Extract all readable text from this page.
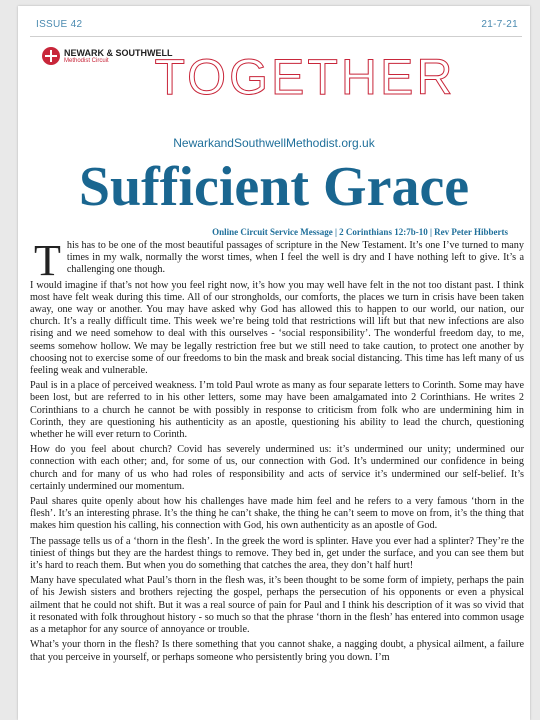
ISSUE 42	21-7-21
NEWARK & SOUTHWELL
Methodist Circuit TOGETHER
NewarkandSouthwellMethodist.org.uk
Sufficient Grace
Online Circuit Service Message | 2 Corinthians 12:7b-10 | Rev Peter Hibberts

This has to be one of the most beautiful passages of scripture in the New Testament. It’s one I’ve turned to many times in my walk, normally the worst times, when I feel the well is dry and I have nothing left to give. It’s a challenging one though.

I would imagine if that’s not how you feel right now, it’s how you may well have felt in the not too distant past. I think most have felt weak during this time. All of our strongholds, our comforts, the places we turn in crisis have been taken away, one way or another. You may have asked why God has allowed this to happen to our world, our nation, our church. It’s a really difficult time. This week we’re being told that restrictions will lift but that new infections are also rising and we need somehow to deal with this ourselves - ‘social responsibility’. The wonderful freedom day, to me, seems somehow hollow. We may be legally restriction free but we still need to take caution, to protect one another by choosing not to exercise some of our freedoms to bin the mask and break social distancing. This time has left many of us feeling weak and vulnerable.

Paul is in a place of perceived weakness. I’m told Paul wrote as many as four separate letters to Corinth. Some may have been lost, but are referred to in his other letters, some may have been amalgamated into 2 Corinthians. He writes 2 Corinthians to a church he cannot be with possibly in response to criticism from folk who are undermining him in Corinth, they are questioning his authenticity as an apostle, questioning his ability to lead the church, questioning whether he will ever return to Corinth.

How do you feel about church? Covid has severely undermined us: it’s undermined our unity; undermined our connection with each other; and, for some of us, our connection with God. It’s undermined our confidence in being church and for many of us who had roles of responsibility and acts of service it’s undermined our self-belief. It’s certainly undermined our momentum.

Paul shares quite openly about how his challenges have made him feel and he refers to a very famous ‘thorn in the flesh’. It’s an interesting phrase. It’s the thing he can’t shake, the thing he can’t seem to move on from, it’s the thing that makes him question his calling, his connection with God, his own authenticity as an apostle of God.

The passage tells us of a ‘thorn in the flesh’. In the greek the word is splinter. Have you ever had a splinter? They’re the tiniest of things but they are the hardest things to remove. They bed in, get under the surface, and you can see them but it’s hard to reach them. But when you do something that catches the area, they don’t half hurt!

Many have speculated what Paul’s thorn in the flesh was, it’s been thought to be some form of impiety, perhaps the pain of his Jewish sisters and brothers rejecting the gospel, perhaps the persecution of his opponents or even a physical ailment that he could not shift. But it was a real source of pain for Paul and I think his description of it was so vivid that it resonated with folk throughout history - so much so that the phrase ‘thorn in the flesh’ has entered into common usage as a metaphor for any source of annoyance or trouble.

What’s your thorn in the flesh? Is there something that you cannot shake, a nagging doubt, a physical ailment, a failure that you perceive in yourself, or perhaps someone who persistently bring you down. I’m
